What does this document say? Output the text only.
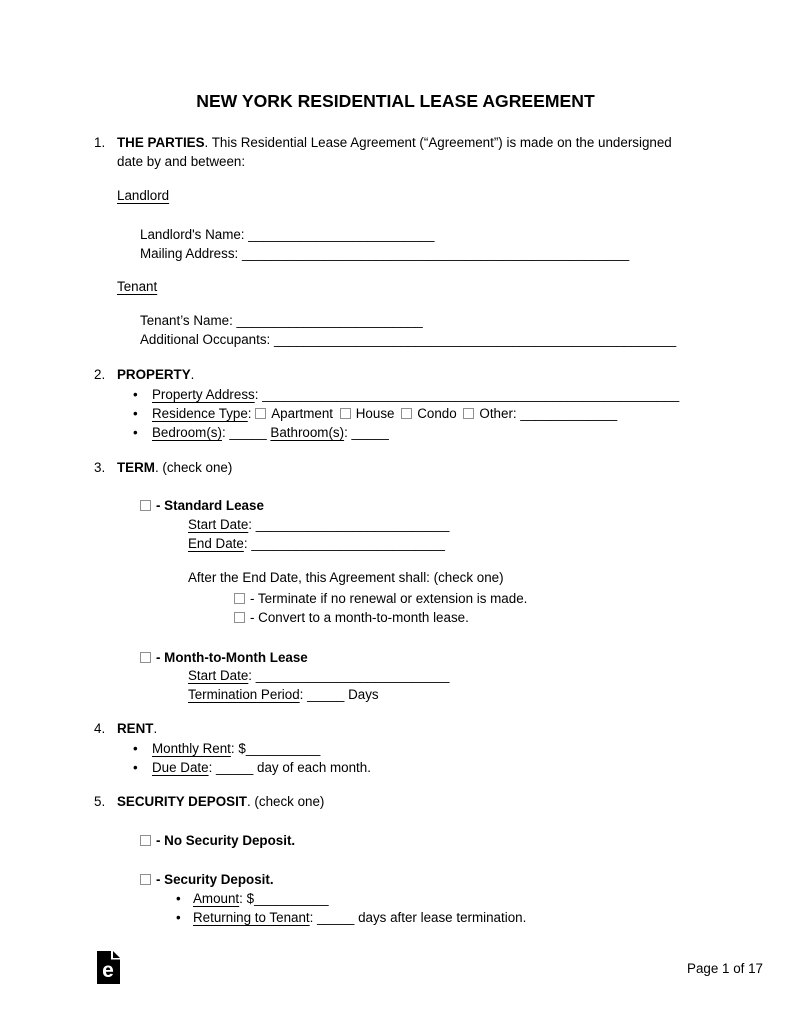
NEW YORK RESIDENTIAL LEASE AGREEMENT
1. THE PARTIES. This Residential Lease Agreement (“Agreement”) is made on the undersigned date by and between:
Landlord
Landlord's Name: _________________________
Mailing Address: ____________________________________________________
Tenant
Tenant’s Name: _________________________
Additional Occupants: ______________________________________________________
2. PROPERTY.
• Property Address: ________________________________________________________
• Residence Type: Apartment House Condo Other: _____________
• Bedroom(s): _____ Bathroom(s): _____
3. TERM. (check one)
- Standard Lease
Start Date: __________________________
End Date: __________________________
After the End Date, this Agreement shall: (check one)
- Terminate if no renewal or extension is made.
- Convert to a month-to-month lease.
- Month-to-Month Lease
Start Date: __________________________
Termination Period: _____ Days
4. RENT.
• Monthly Rent: $__________
• Due Date: _____ day of each month.
5. SECURITY DEPOSIT. (check one)
- No Security Deposit.
- Security Deposit.
• Amount: $__________
• Returning to Tenant: _____ days after lease termination.
e	Page 1 of 17
